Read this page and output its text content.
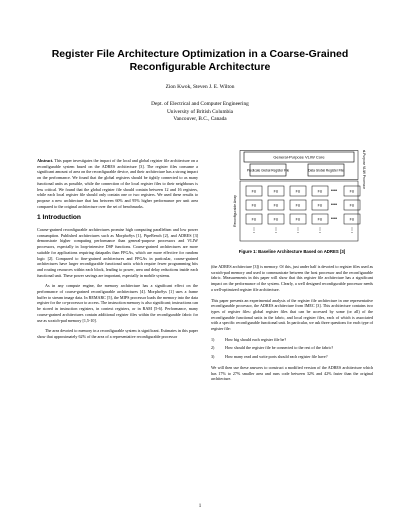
Register File Architecture Optimization in a Coarse-Grained
Reconfigurable Architecture
Zion Kwok, Steven J. E. Wilton
Dept. of Electrical and Computer Engineering
University of British Columbia
Vancouver, B.C., Canada

Abstract. This paper investigates the impact of the local and global register file architecture on a reconfigurable system based on the ADRES architecture [3]. The register files consume a significant amount of area on the reconfigurable device, and their architecture has a strong impact on the performance. We found that the global registers should be tightly connected to as many functional units as possible, while the connection of the local register files to their neighbours is less critical. We found that the global register file should contain between 12 and 16 registers, while each local register file should only contain one or two registers. We used these results to propose a new architecture that has between 60% and 95% higher performance per unit area compared to the original architecture over the set of benchmarks.

1 Introduction

Coarse-grained reconfigurable architectures promise high computing parallelism and low power consumption. Published architectures such as MorphoSys [1], PipeRench [2], and ADRES [3] demonstrate higher computing performance than general-purpose processors and VLIW processors, especially in loop-intensive DSP functions. Coarse-grained architectures are more suitable for applications requiring datapaths than FPGAs, which are more effective for random logic [2]. Compared to fine-grained architectures and FPGAs in particular, coarse-grained architectures have larger reconfigurable functional units which require fewer programming bits and routing resources within each block, leading to power, area and delay reductions inside each functional unit. These power savings are important, especially in mobile systems.

As in any compute engine, the memory architecture has a significant effect on the performance of coarse-grained reconfigurable architectures [4]. MorphoSys [1] uses a frame buffer to stream image data. In REMARC [5], the MIPS processor loads the memory into the data register for the co-processor to access. The instruction memory is also significant; instructions can be stored in instruction registers, in context registers, or in RAM [5-6]. Performance, many coarse-grained architectures contain additional register files within the reconfigurable fabric for use as scratch-pad memory [1,5-10].

The area devoted to memory in a reconfigurable system is significant. Estimates in this paper show that approximately 62% of the area of a representative reconfigurable processor

General-Purpose VLIW Core
Predicate Global Register File	Data Global Register File	General-Purpose VLIW Processor
Reconfigurable Array
FU	FU	FU	FU	FU
•••
FU	FU	FU	FU	FU
•••
FU	FU	FU	FU	FU
•••
⋮	⋮	⋮	⋮	⋮
Figure 1: Baseline Architecture Based on ADRES [3]

(the ADRES architecture [3]) is memory. Of this, just under half is devoted to register files used as scratch-pad memory and used to communicate between the host processor and the reconfigurable fabric. Measurements in this paper will show that this register file architecture has a significant impact on the performance of the system. Clearly, a well designed reconfigurable processor needs a well-optimized register file architecture.

This paper presents an experimental analysis of the register file architecture in one representative reconfigurable processor, the ADRES architecture from IMEC [3]. This architecture contains two types of register files: global register files that can be accessed by some (or all) of the reconfigurable functional units in the fabric, and local register files, each of which is associated with a specific reconfigurable functional unit. In particular, we ask three questions for each type of register file:

1)	How big should each register file be?
2)	How should the register file be connected to the rest of the fabric?
3)	How many read and write ports should each register file have?

We will then use these answers to construct a modified version of the ADRES architecture which has 17% to 27% smaller area and runs code between 32% and 42% faster than the original architecture.

1
